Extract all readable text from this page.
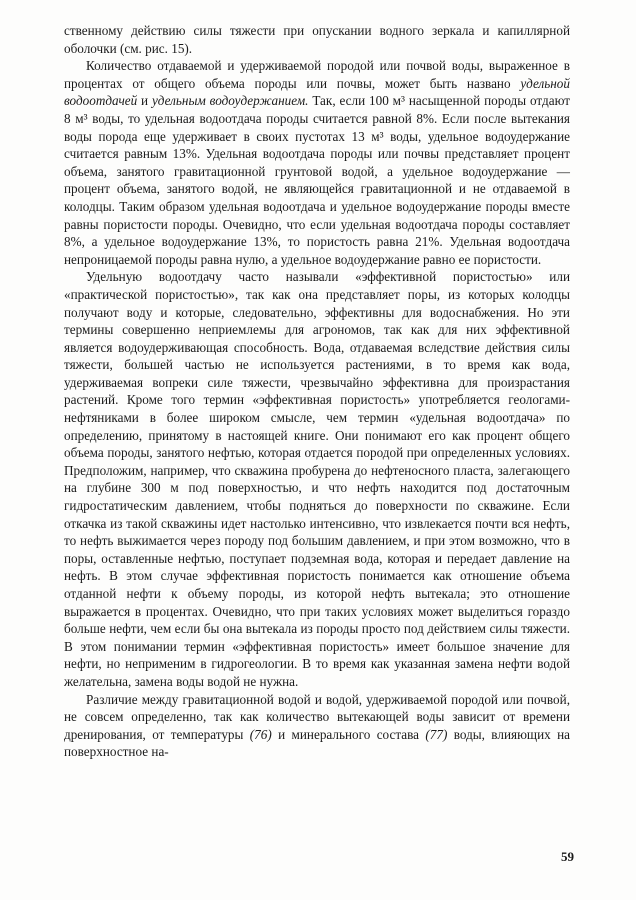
ственному действию силы тяжести при опускании водного зеркала и капиллярной оболочки (см. рис. 15).

Количество отдаваемой и удерживаемой породой или почвой воды, выраженное в процентах от общего объема породы или почвы, может быть названо удельной водоотдачей и удельным водоудержанием. Так, если 100 м³ насыщенной породы отдают 8 м³ воды, то удельная водоотдача породы считается равной 8%. Если после вытекания воды порода еще удерживает в своих пустотах 13 м³ воды, удельное водоудержание считается равным 13%. Удельная водоотдача породы или почвы представляет процент объема, занятого гравитационной грунтовой водой, а удельное водоудержание — процент объема, занятого водой, не являющейся гравитационной и не отдаваемой в колодцы. Таким образом удельная водоотдача и удельное водоудержание породы вместе равны пористости породы. Очевидно, что если удельная водоотдача породы составляет 8%, а удельное водоудержание 13%, то пористость равна 21%. Удельная водоотдача непроницаемой породы равна нулю, а удельное водоудержание равно ее пористости.

Удельную водоотдачу часто называли «эффективной пористостью» или «практической пористостью», так как она представляет поры, из которых колодцы получают воду и которые, следовательно, эффективны для водоснабжения. Но эти термины совершенно неприемлемы для агрономов, так как для них эффективной является водоудерживающая способность. Вода, отдаваемая вследствие действия силы тяжести, большей частью не используется растениями, в то время как вода, удерживаемая вопреки силе тяжести, чрезвычайно эффективна для произрастания растений. Кроме того термин «эффективная пористость» употребляется геологами-нефтяниками в более широком смысле, чем термин «удельная водоотдача» по определению, принятому в настоящей книге. Они понимают его как процент общего объема породы, занятого нефтью, которая отдается породой при определенных условиях. Предположим, например, что скважина пробурена до нефтеносного пласта, залегающего на глубине 300 м под поверхностью, и что нефть находится под достаточным гидростатическим давлением, чтобы подняться до поверхности по скважине. Если откачка из такой скважины идет настолько интенсивно, что извлекается почти вся нефть, то нефть выжимается через породу под большим давлением, и при этом возможно, что в поры, оставленные нефтью, поступает подземная вода, которая и передает давление на нефть. В этом случае эффективная пористость понимается как отношение объема отданной нефти к объему породы, из которой нефть вытекала; это отношение выражается в процентах. Очевидно, что при таких условиях может выделиться гораздо больше нефти, чем если бы она вытекала из породы просто под действием силы тяжести. В этом понимании термин «эффективная пористость» имеет большое значение для нефти, но неприменим в гидрогеологии. В то время как указанная замена нефти водой желательна, замена воды водой не нужна.

Различие между гравитационной водой и водой, удерживаемой породой или почвой, не совсем определенно, так как количество вытекающей воды зависит от времени дренирования, от температуры (76) и минерального состава (77) воды, влияющих на поверхностное на-

59
